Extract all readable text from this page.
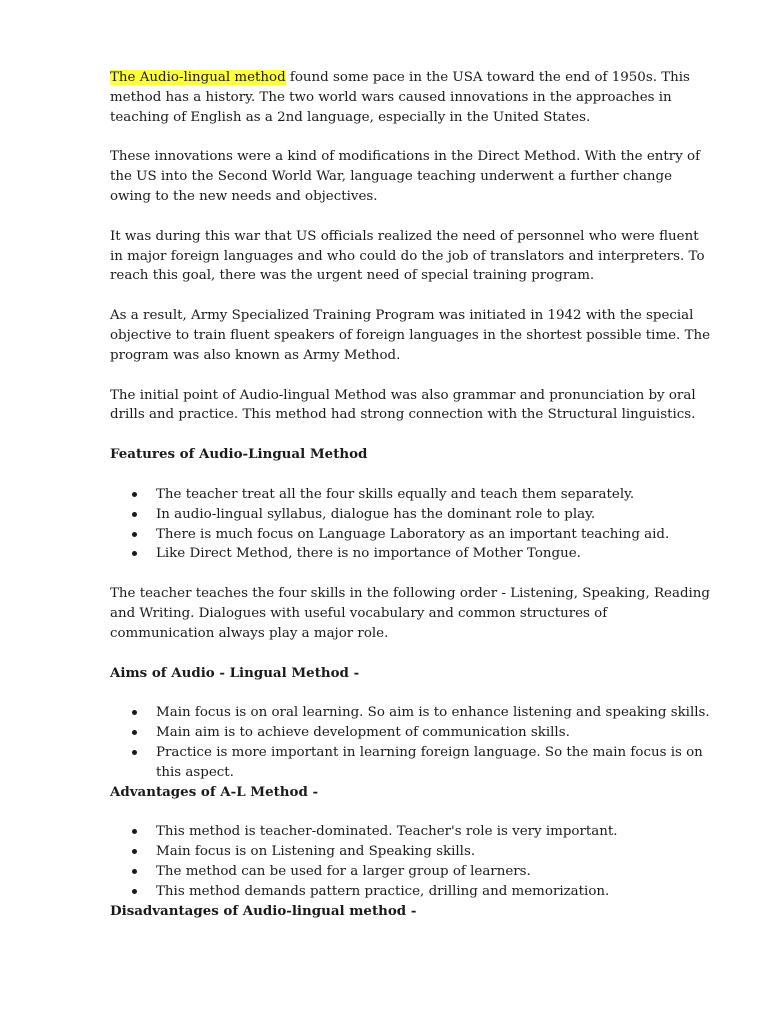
The Audio-lingual method found some pace in the USA toward the end of 1950s. This method has a history. The two world wars caused innovations in the approaches in teaching of English as a 2nd language, especially in the United States.

These innovations were a kind of modifications in the Direct Method. With the entry of the US into the Second World War, language teaching underwent a further change owing to the new needs and objectives.

It was during this war that US officials realized the need of personnel who were fluent in major foreign languages and who could do the job of translators and interpreters. To reach this goal, there was the urgent need of special training program.

As a result, Army Specialized Training Program was initiated in 1942 with the special objective to train fluent speakers of foreign languages in the shortest possible time. The program was also known as Army Method.

The initial point of Audio-lingual Method was also grammar and pronunciation by oral drills and practice. This method had strong connection with the Structural linguistics.

Features of Audio-Lingual Method
The teacher treat all the four skills equally and teach them separately.
In audio-lingual syllabus, dialogue has the dominant role to play.
There is much focus on Language Laboratory as an important teaching aid.
Like Direct Method, there is no importance of Mother Tongue.

The teacher teaches the four skills in the following order - Listening, Speaking, Reading and Writing. Dialogues with useful vocabulary and common structures of communication always play a major role.

Aims of Audio - Lingual Method -
Main focus is on oral learning. So aim is to enhance listening and speaking skills.
Main aim is to achieve development of communication skills.
Practice is more important in learning foreign language. So the main focus is on this aspect.
Advantages of A-L Method -
This method is teacher-dominated. Teacher's role is very important.
Main focus is on Listening and Speaking skills.
The method can be used for a larger group of learners.
This method demands pattern practice, drilling and memorization.
Disadvantages of Audio-lingual method -
